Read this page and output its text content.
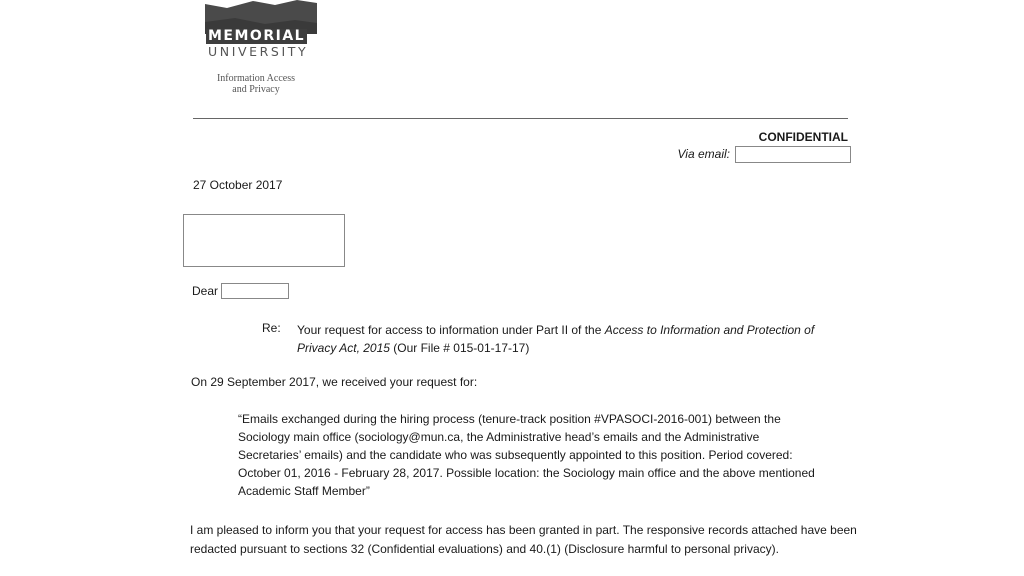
MEMORIAL
UNIVERSITY
Information Access
and Privacy
CONFIDENTIAL
Via email:
27 October 2017
Dear
Re: Your request for access to information under Part II of the Access to Information and Protection of Privacy Act, 2015 (Our File # 015-01-17-17)
On 29 September 2017, we received your request for:

“Emails exchanged during the hiring process (tenure-track position #VPASOCI-2016-001) between the Sociology main office (sociology@mun.ca, the Administrative head’s emails and the Administrative Secretaries’ emails) and the candidate who was subsequently appointed to this position. Period covered: October 01, 2016 - February 28, 2017. Possible location: the Sociology main office and the above mentioned Academic Staff Member”

I am pleased to inform you that your request for access has been granted in part. The responsive records attached have been redacted pursuant to sections 32 (Confidential evaluations) and 40.(1) (Disclosure harmful to personal privacy).
